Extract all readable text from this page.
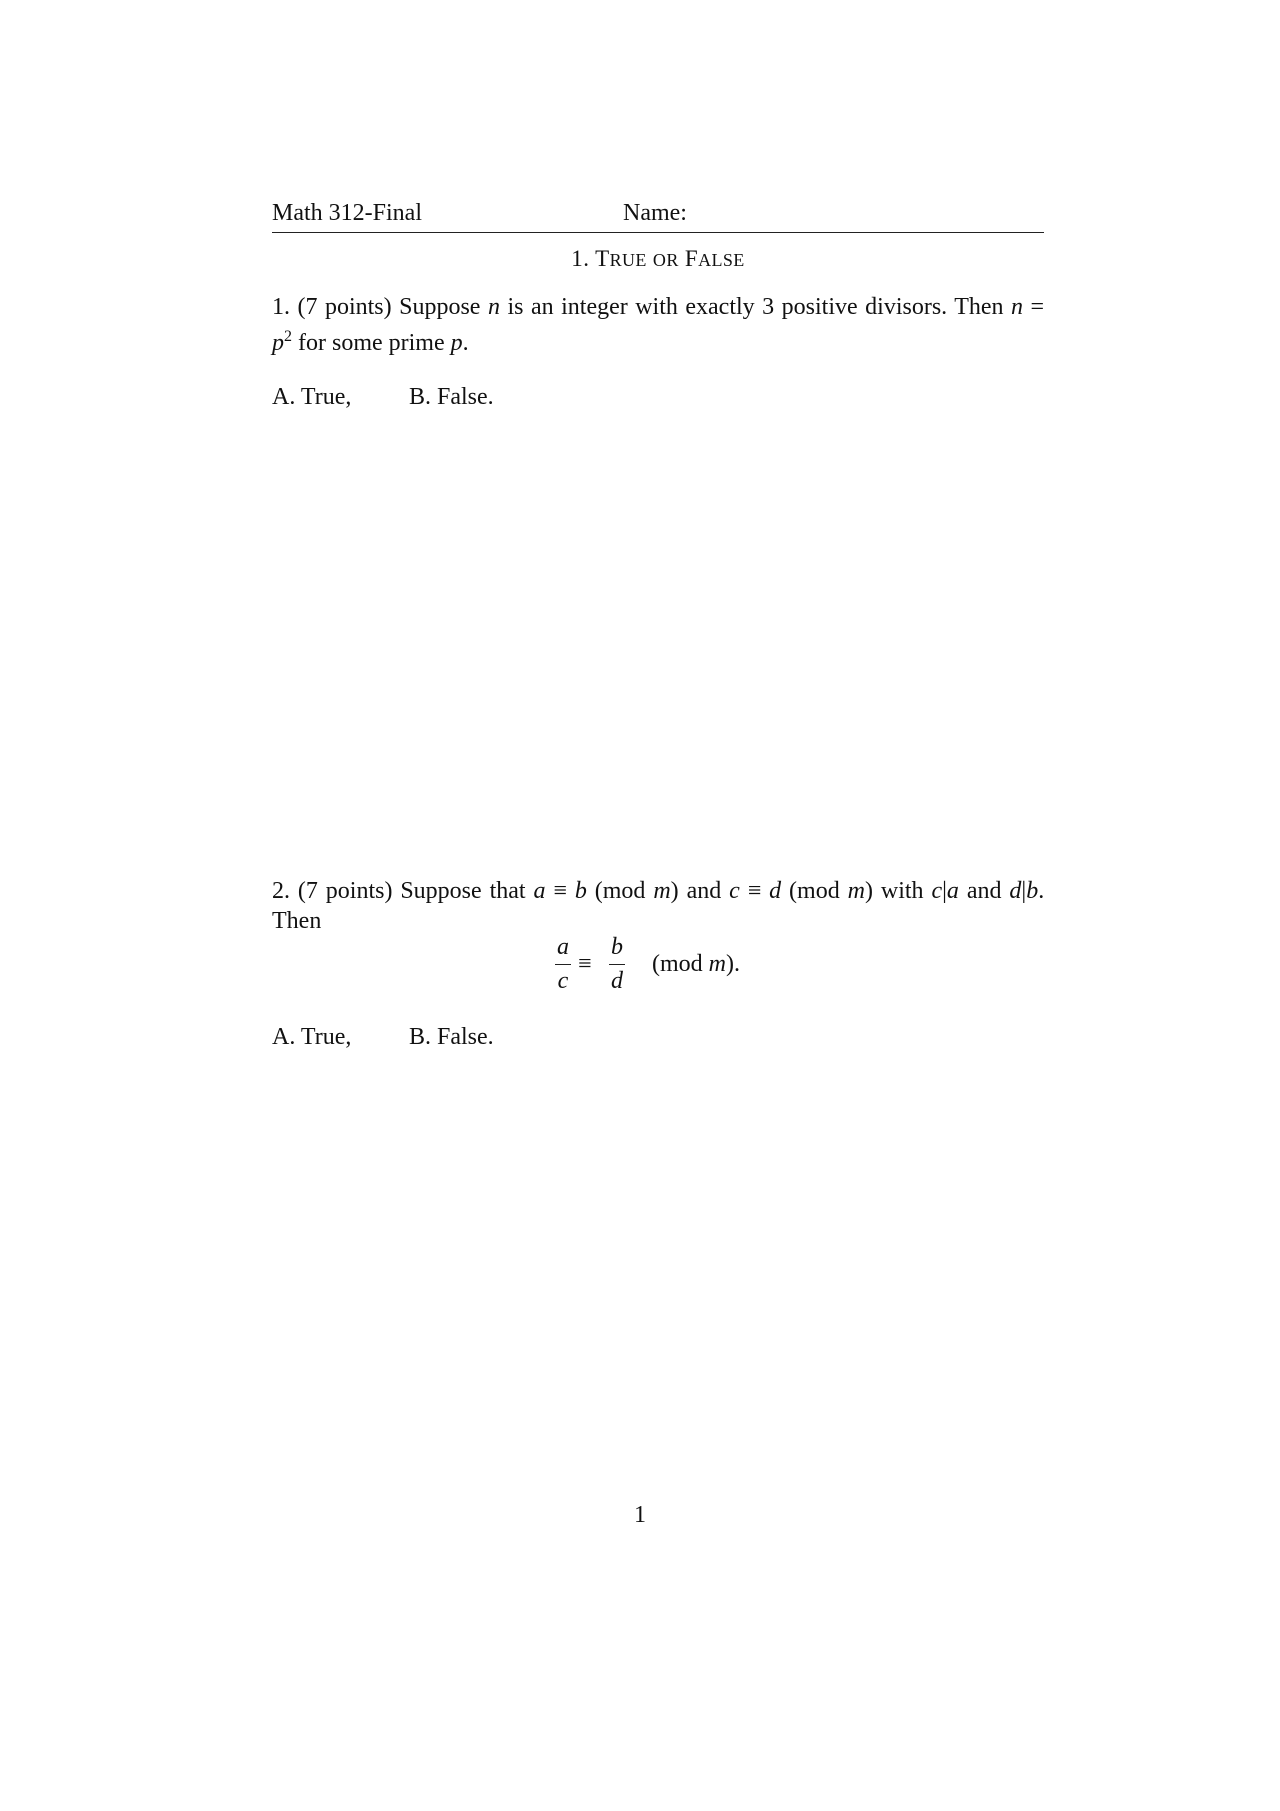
Math 312-Final	Name:
1. TRUE OR FALSE
1. (7 points) Suppose n is an integer with exactly 3 positive divisors. Then $n = p^2$ for some prime p.
A. True, B. False.
2. (7 points) Suppose that a ≡ b (mod m) and c ≡ d (mod m) with c|a and d|b. Then
a
c
≡
b
d
(mod m).
A. True, B. False.
1
